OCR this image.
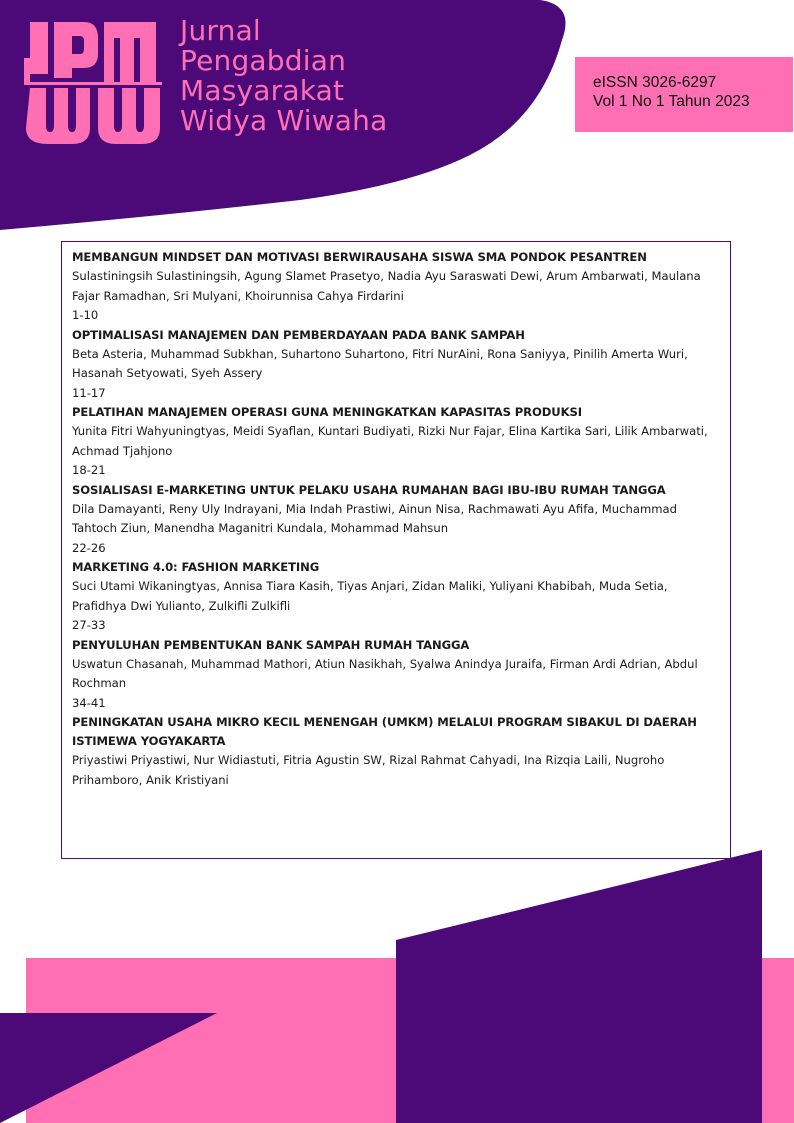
Jurnal
Pengabdian
Masyarakat
Widya Wiwaha
eISSN 3026-6297
Vol 1 No 1 Tahun 2023
MEMBANGUN MINDSET DAN MOTIVASI BERWIRAUSAHA SISWA SMA PONDOK PESANTREN
Sulastiningsih Sulastiningsih, Agung Slamet Prasetyo, Nadia Ayu Saraswati Dewi, Arum Ambarwati, Maulana Fajar Ramadhan, Sri Mulyani, Khoirunnisa Cahya Firdarini
1-10
OPTIMALISASI MANAJEMEN DAN PEMBERDAYAAN PADA BANK SAMPAH
Beta Asteria, Muhammad Subkhan, Suhartono Suhartono, Fitri NurAini, Rona Saniyya, Pinilih Amerta Wuri, Hasanah Setyowati, Syeh Assery
11-17
PELATIHAN MANAJEMEN OPERASI GUNA MENINGKATKAN KAPASITAS PRODUKSI
Yunita Fitri Wahyuningtyas, Meidi Syaflan, Kuntari Budiyati, Rizki Nur Fajar, Elina Kartika Sari, Lilik Ambarwati, Achmad Tjahjono
18-21
SOSIALISASI E-MARKETING UNTUK PELAKU USAHA RUMAHAN BAGI IBU-IBU RUMAH TANGGA
Dila Damayanti, Reny Uly Indrayani, Mia Indah Prastiwi, Ainun Nisa, Rachmawati Ayu Afifa, Muchammad Tahtoch Ziun, Manendha Maganitri Kundala, Mohammad Mahsun
22-26
MARKETING 4.0: FASHION MARKETING
Suci Utami Wikaningtyas, Annisa Tiara Kasih, Tiyas Anjari, Zidan Maliki, Yuliyani Khabibah, Muda Setia, Prafidhya Dwi Yulianto, Zulkifli Zulkifli
27-33
PENYULUHAN PEMBENTUKAN BANK SAMPAH RUMAH TANGGA
Uswatun Chasanah, Muhammad Mathori, Atiun Nasikhah, Syalwa Anindya Juraifa, Firman Ardi Adrian, Abdul Rochman
34-41
PENINGKATAN USAHA MIKRO KECIL MENENGAH (UMKM) MELALUI PROGRAM SIBAKUL DI DAERAH ISTIMEWA YOGYAKARTA
Priyastiwi Priyastiwi, Nur Widiastuti, Fitria Agustin SW, Rizal Rahmat Cahyadi, Ina Rizqia Laili, Nugroho Prihamboro, Anik Kristiyani
